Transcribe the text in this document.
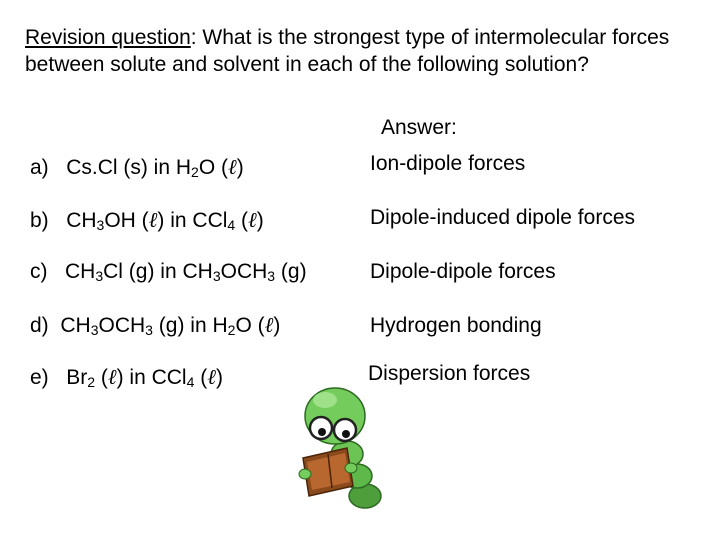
Revision question: What is the strongest type of intermolecular forces between solute and solvent in each of the following solution?
Answer:
a)   Cs.Cl (s) in $H_2O$ (ℓ)	Ion-dipole forces
b)   $CH_3OH$ (ℓ) in CCl$_4$ (ℓ)	Dipole-induced dipole forces
c)   $CH_3Cl$ (g) in $CH_3OCH_3$ (g)	Dipole-dipole forces
d)  $CH_3OCH_3$ (g) in $H_2O$ (ℓ)	Hydrogen bonding
e)   $Br_2$ (ℓ) in CCl$_4$ (ℓ)	Dispersion forces
